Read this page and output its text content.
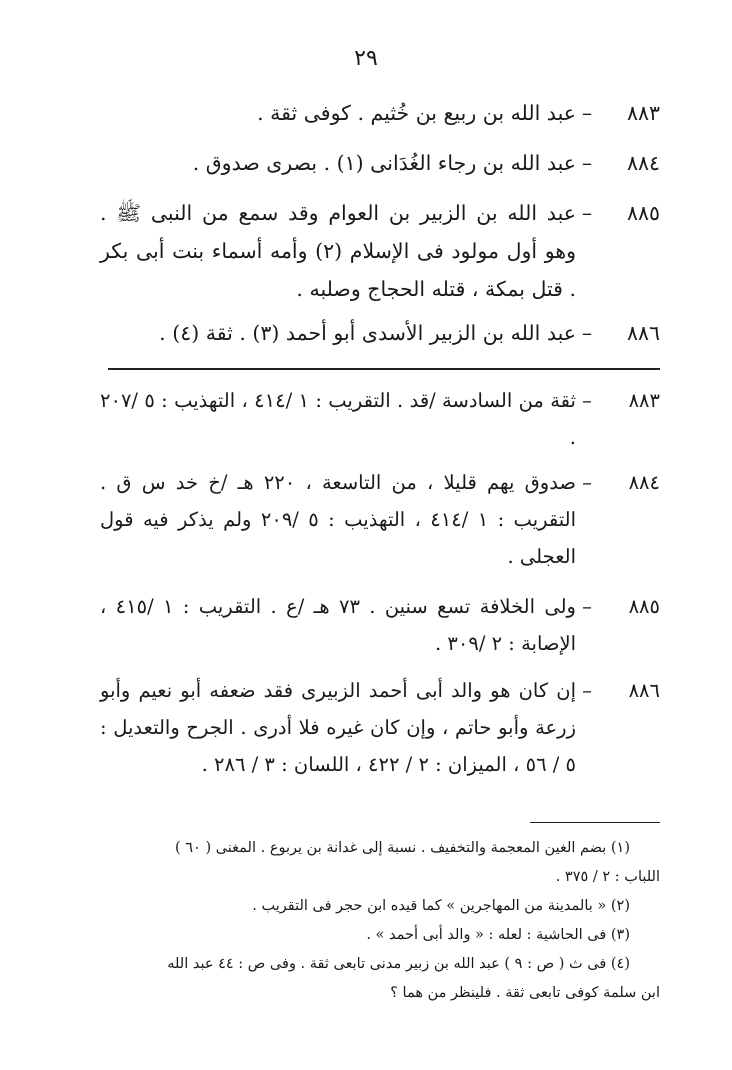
٢٩
٨٨٣
–
عبد الله بن ربيع بن خُثيم . كوفى ثقة .
٨٨٤
–
عبد الله بن رجاء الغُدَانى (١) . بصرى صدوق .
٨٨٥
–
عبد الله بن الزبير بن العوام وقد سمع من النبى ﷺ . وهو أول مولود فى الإسلام (٢) وأمه أسماء بنت أبى بكر . قتل بمكة ، قتله الحجاج وصلبه .
٨٨٦
–
عبد الله بن الزبير الأسدى أبو أحمد (٣) . ثقة (٤) .
٨٨٣
–
ثقة من السادسة /قد . التقريب : ١ /٤١٤ ، التهذيب : ٥ /٢٠٧ .
٨٨٤
–
صدوق يهم قليلا ، من التاسعة ، ٢٢٠ هـ /خ خد س ق . التقريب : ١ /٤١٤ ، التهذيب : ٥ /٢٠٩ ولم يذكر فيه قول العجلى .
٨٨٥
–
ولى الخلافة تسع سنين . ٧٣ هـ /ع . التقريب : ١ /٤١٥ ، الإصابة : ٢ /٣٠٩ .
٨٨٦
–
إن كان هو والد أبى أحمد الزبيرى فقد ضعفه أبو نعيم وأبو زرعة وأبو حاتم ، وإن كان غيره فلا أدرى . الجرح والتعديل : ٥ / ٥٦ ، الميزان : ٢ / ٤٢٢ ، اللسان : ٣ / ٢٨٦ .

(١) بضم الغين المعجمة والتخفيف . نسبة إلى غدانة بن يربوع . المغنى ( ٦٠ )

اللباب : ٢ / ٣٧٥ .

(٢) « بالمدينة من المهاجرين » كما قيده ابن حجر فى التقريب .

(٣) فى الحاشية : لعله : « والد أبى أحمد » .

(٤) فى ث ( ص : ٩ ) عبد الله بن زبير مدنى تابعى ثقة . وفى ص : ٤٤ عبد الله

ابن سلمة كوفى تابعى ثقة . فلينظر من هما ؟
